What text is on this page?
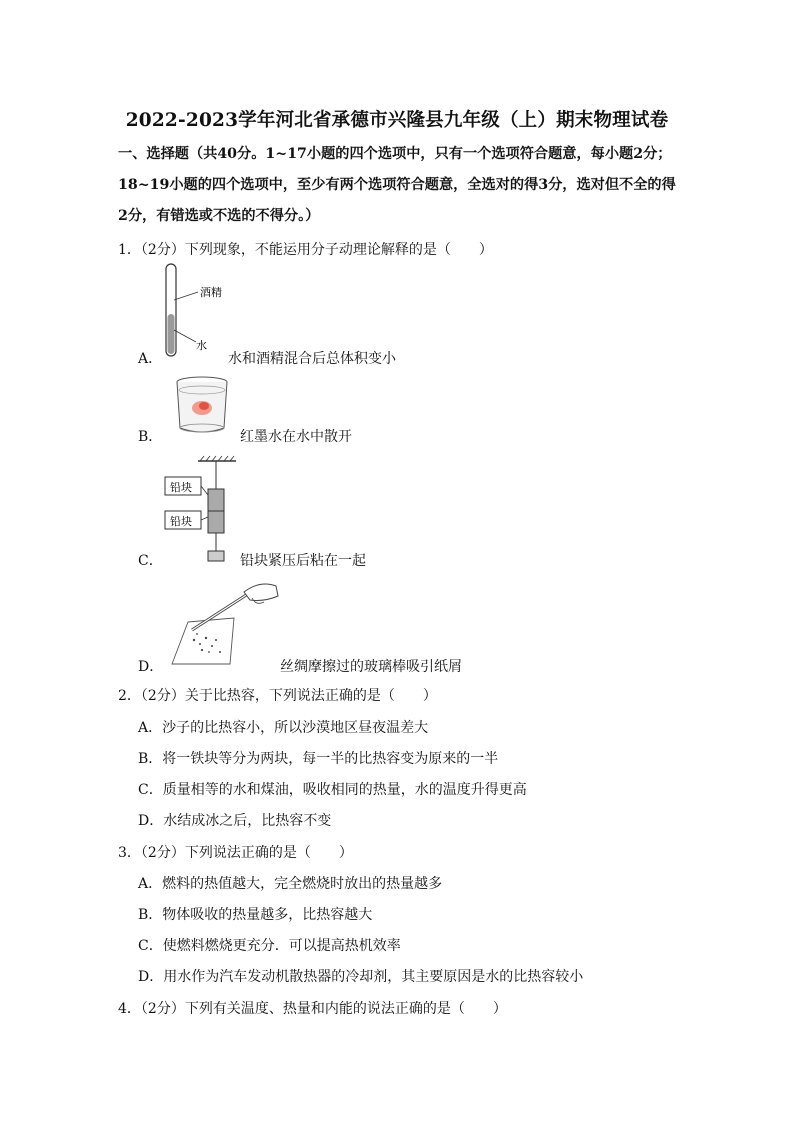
2022-2023学年河北省承德市兴隆县九年级（上）期末物理试卷
一、选择题（共40分。1~17小题的四个选项中，只有一个选项符合题意，每小题2分；18~19小题的四个选项中，至少有两个选项符合题意，全选对的得3分，选对但不全的得2分，有错选或不选的不得分。）
1．（2分）下列现象，不能运用分子动理论解释的是（　　）
A．
酒精
水
水和酒精混合后总体积变小
B．	红墨水在水中散开
C．
铅块
铅块
铅块紧压后粘在一起
D．	丝绸摩擦过的玻璃棒吸引纸屑
2．（2分）关于比热容，下列说法正确的是（　　）
A．沙子的比热容小，所以沙漠地区昼夜温差大
B．将一铁块等分为两块，每一半的比热容变为原来的一半
C．质量相等的水和煤油，吸收相同的热量，水的温度升得更高
D．水结成冰之后，比热容不变
3．（2分）下列说法正确的是（　　）
A．燃料的热值越大，完全燃烧时放出的热量越多
B．物体吸收的热量越多，比热容越大
C．使燃料燃烧更充分．可以提高热机效率
D．用水作为汽车发动机散热器的冷却剂，其主要原因是水的比热容较小
4．（2分）下列有关温度、热量和内能的说法正确的是（　　）
